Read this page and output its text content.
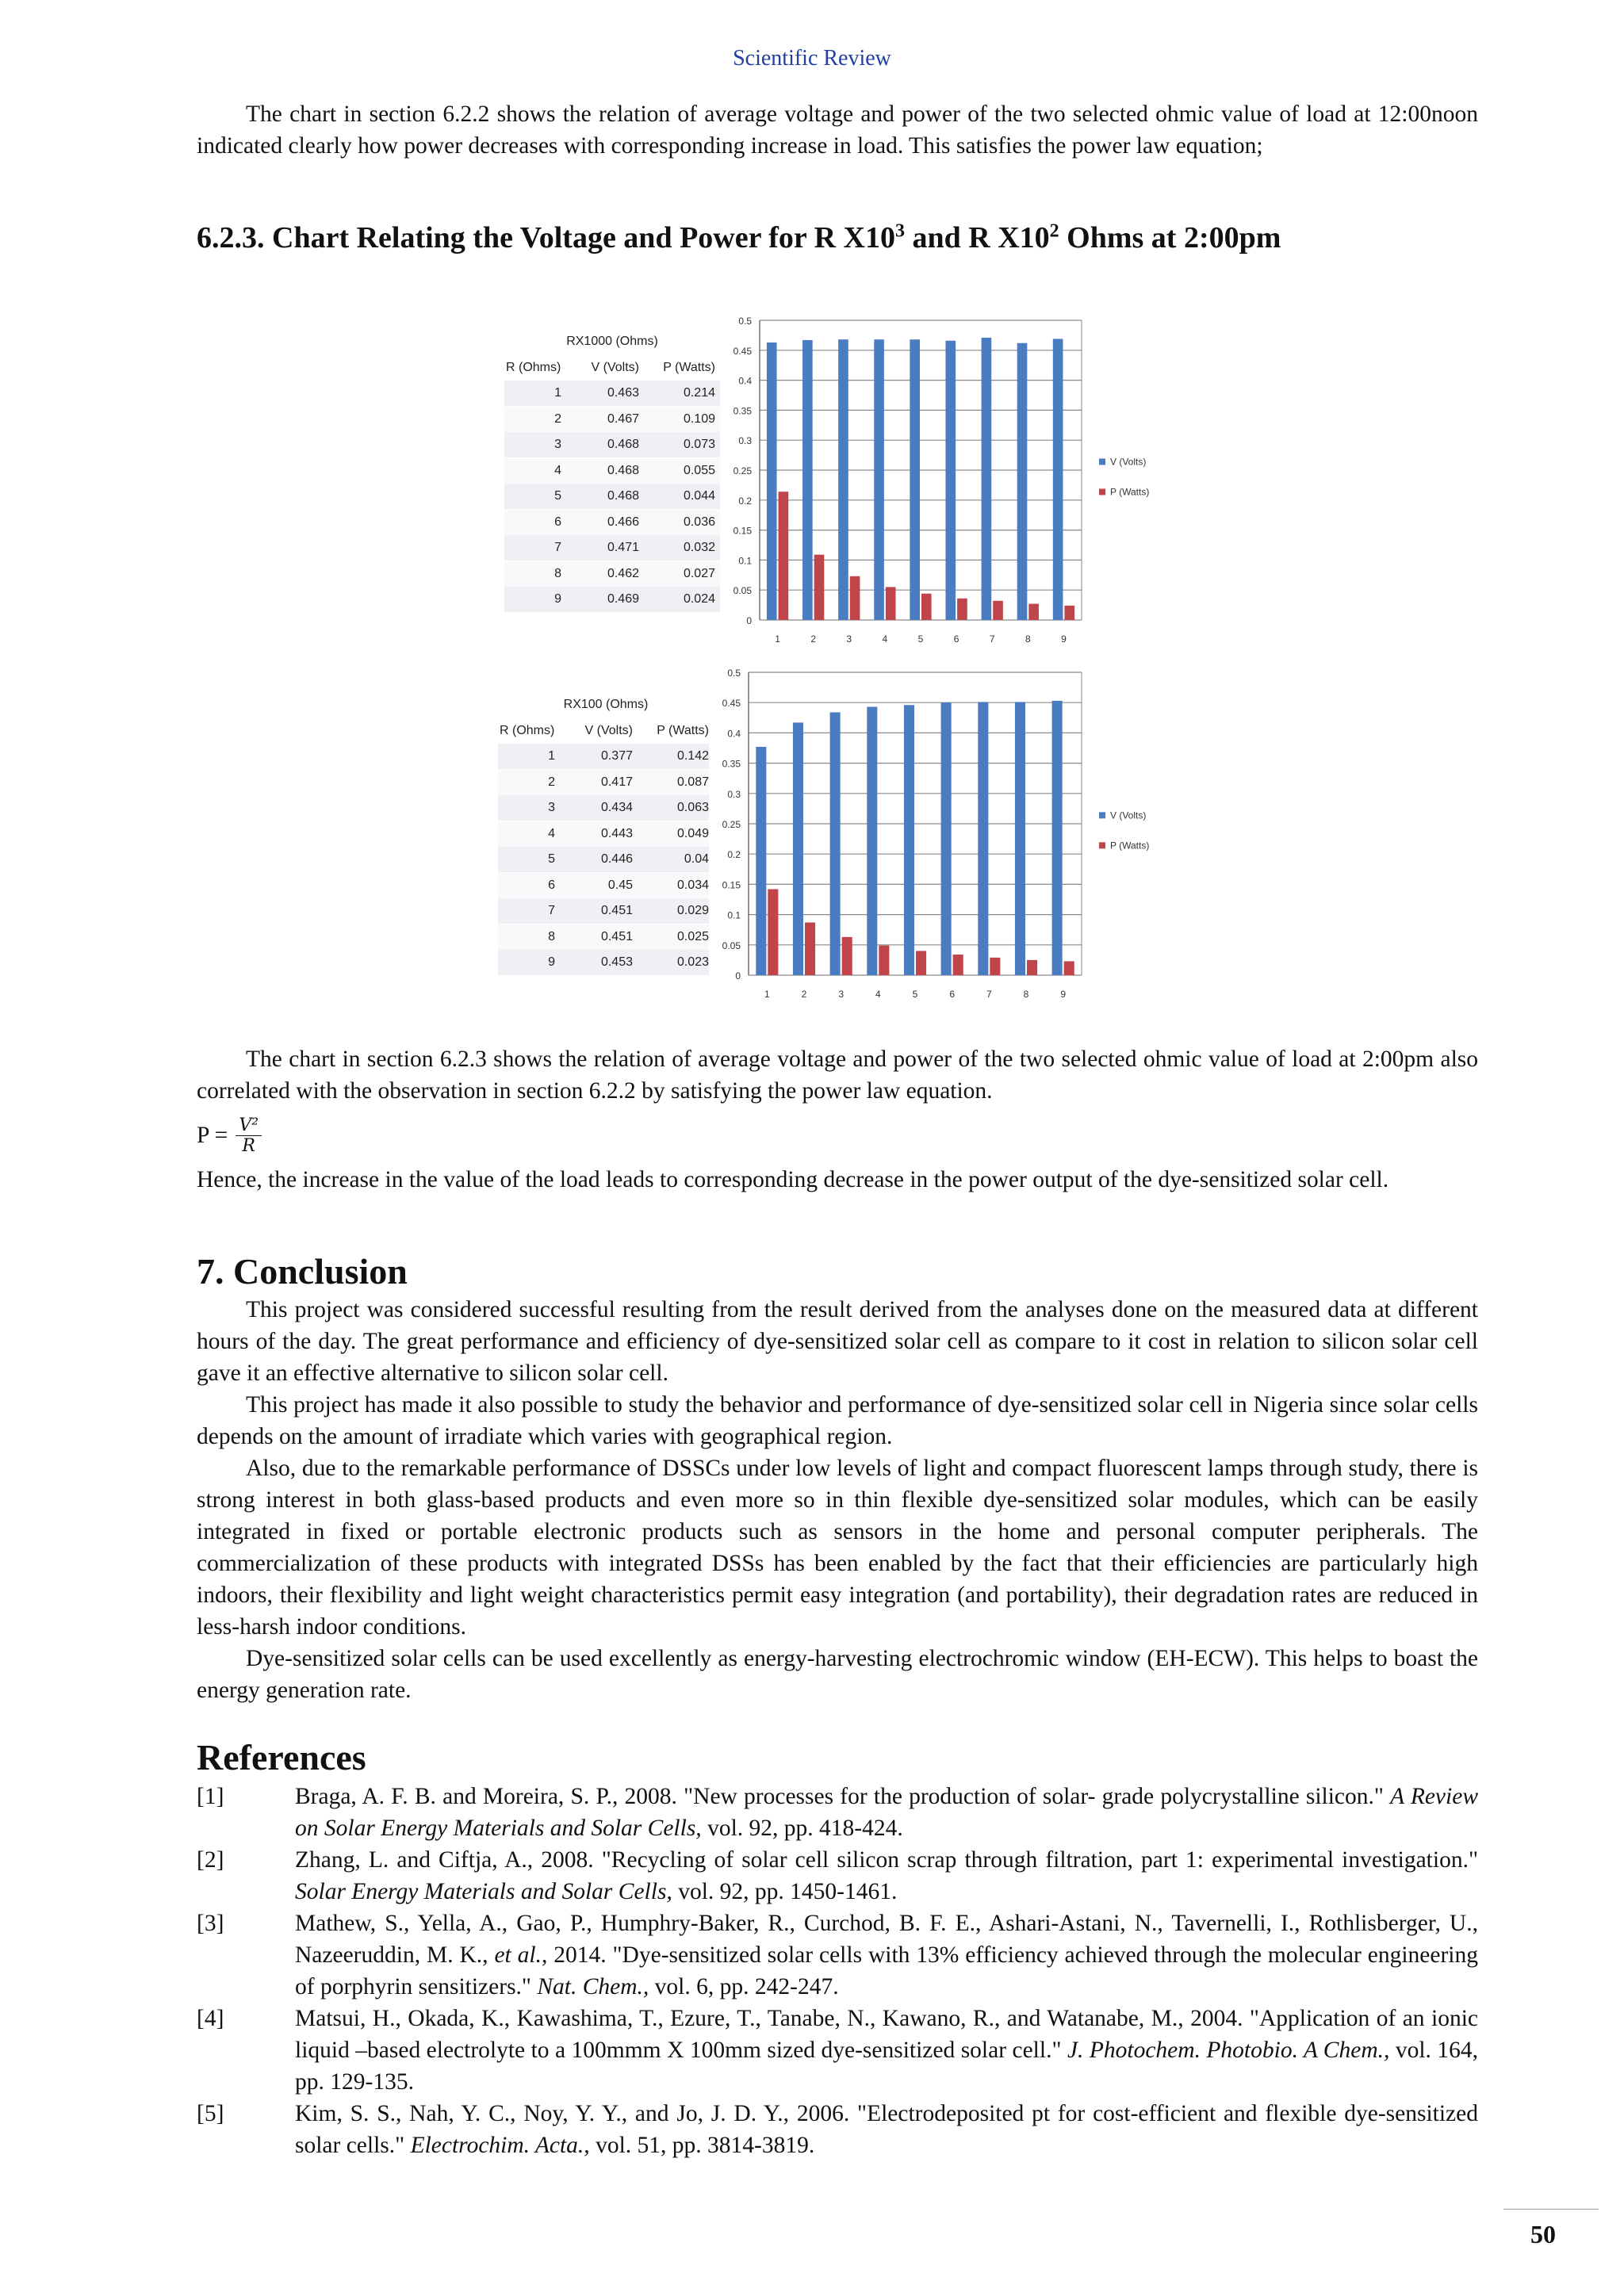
Scientific Review

The chart in section 6.2.2 shows the relation of average voltage and power of the two selected ohmic value of load at 12:00noon indicated clearly how power decreases with corresponding increase in load. This satisfies the power law equation;

6.2.3. Chart Relating the Voltage and Power for R $X10^3$ and R $X10^2$ Ohms at 2:00pm
RX1000 (Ohms)
R (Ohms)	V (Volts)	P (Watts)
1	0.463	0.214
2	0.467	0.109
3	0.468	0.073
4	0.468	0.055
5	0.468	0.044
6	0.466	0.036
7	0.471	0.032
8	0.462	0.027
9	0.469	0.024
0
0.05
0.1
0.15
0.2
0.25
0.3
0.35
0.4
0.45
0.5
1	2	3	4	5	6	7	8	9
V (Volts)
P (Watts)
RX100 (Ohms)
R (Ohms)	V (Volts)	P (Watts)
1	0.377	0.142
2	0.417	0.087
3	0.434	0.063
4	0.443	0.049
5	0.446	0.04
6	0.45	0.034
7	0.451	0.029
8	0.451	0.025
9	0.453	0.023
0
0.05
0.1
0.15
0.2
0.25
0.3
0.35
0.4
0.45
0.5
1	2	3	4	5	6	7	8	9
V (Volts)
P (Watts)

The chart in section 6.2.3 shows the relation of average voltage and power of the two selected ohmic value of load at 2:00pm also correlated with the observation in section 6.2.2 by satisfying the power law equation.

$P = \frac{\text{V²}}{R}$

Hence, the increase in the value of the load leads to corresponding decrease in the power output of the dye-sensitized solar cell.

7. Conclusion

This project was considered successful resulting from the result derived from the analyses done on the measured data at different hours of the day. The great performance and efficiency of dye-sensitized solar cell as compare to it cost in relation to silicon solar cell gave it an effective alternative to silicon solar cell.

This project has made it also possible to study the behavior and performance of dye-sensitized solar cell in Nigeria since solar cells depends on the amount of irradiate which varies with geographical region.

Also, due to the remarkable performance of DSSCs under low levels of light and compact fluorescent lamps through study, there is strong interest in both glass-based products and even more so in thin flexible dye-sensitized solar modules, which can be easily integrated in fixed or portable electronic products such as sensors in the home and personal computer peripherals. The commercialization of these products with integrated DSSs has been enabled by the fact that their efficiencies are particularly high indoors, their flexibility and light weight characteristics permit easy integration (and portability), their degradation rates are reduced in less-harsh indoor conditions.

Dye-sensitized solar cells can be used excellently as energy-harvesting electrochromic window (EH-ECW). This helps to boast the energy generation rate.

References
[1]	Braga, A. F. B. and Moreira, S. P., 2008. "New processes for the production of solar- grade polycrystalline silicon." A Review on Solar Energy Materials and Solar Cells, vol. 92, pp. 418-424.
[2]	Zhang, L. and Ciftja, A., 2008. "Recycling of solar cell silicon scrap through filtration, part 1: experimental investigation." Solar Energy Materials and Solar Cells, vol. 92, pp. 1450-1461.
[3]	Mathew, S., Yella, A., Gao, P., Humphry-Baker, R., Curchod, B. F. E., Ashari-Astani, N., Tavernelli, I., Rothlisberger, U., Nazeeruddin, M. K., et al., 2014. "Dye-sensitized solar cells with 13% efficiency achieved through the molecular engineering of porphyrin sensitizers." Nat. Chem., vol. 6, pp. 242-247.
[4]	Matsui, H., Okada, K., Kawashima, T., Ezure, T., Tanabe, N., Kawano, R., and Watanabe, M., 2004. "Application of an ionic liquid –based electrolyte to a 100mmm X 100mm sized dye-sensitized solar cell." J. Photochem. Photobio. A Chem., vol. 164, pp. 129-135.
[5]	Kim, S. S., Nah, Y. C., Noy, Y. Y., and Jo, J. D. Y., 2006. "Electrodeposited pt for cost-efficient and flexible dye-sensitized solar cells." Electrochim. Acta., vol. 51, pp. 3814-3819.
50
